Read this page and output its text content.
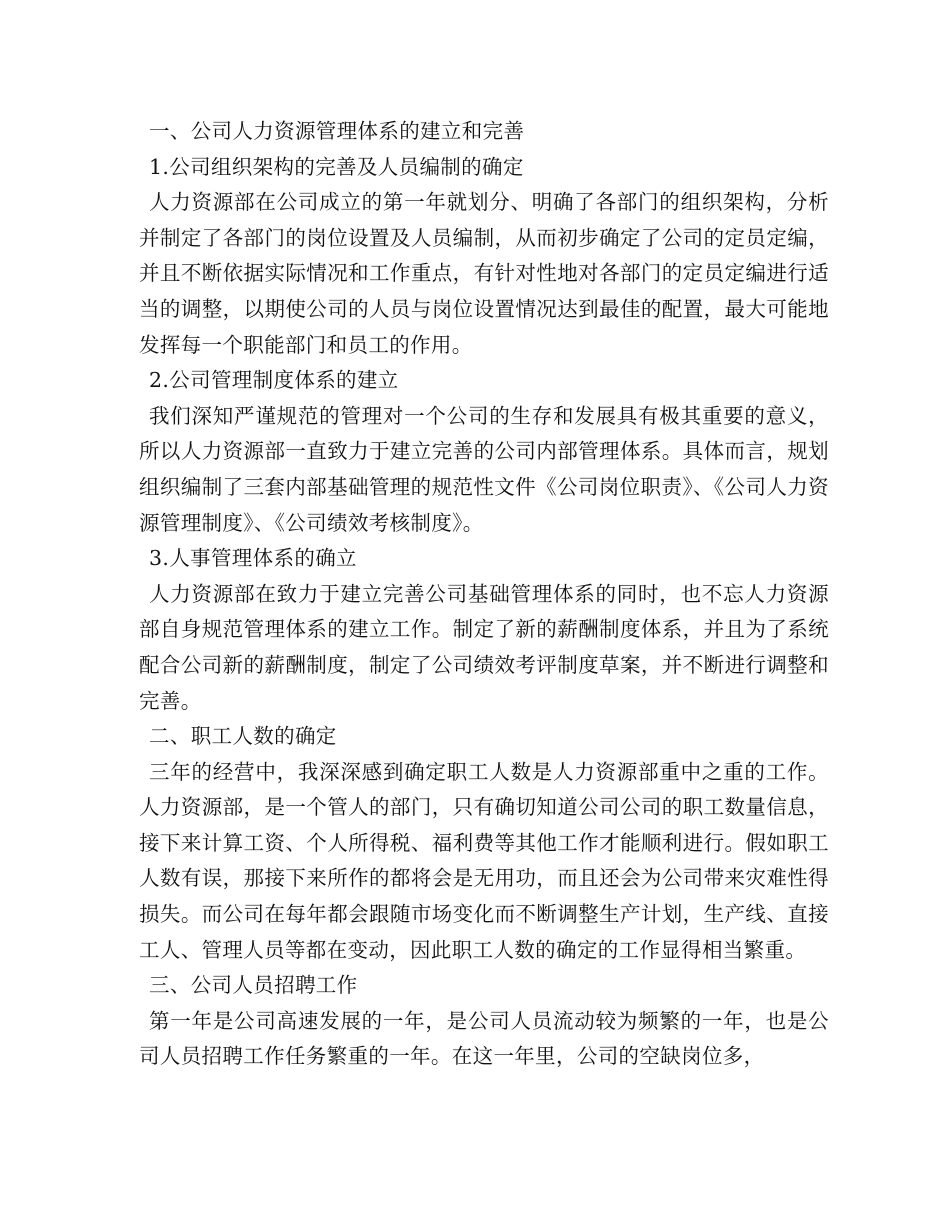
一、公司人力资源管理体系的建立和完善

1.公司组织架构的完善及人员编制的确定

人力资源部在公司成立的第一年就划分、明确了各部门的组织架构，分析并制定了各部门的岗位设置及人员编制，从而初步确定了公司的定员定编，并且不断依据实际情况和工作重点，有针对性地对各部门的定员定编进行适当的调整，以期使公司的人员与岗位设置情况达到最佳的配置，最大可能地发挥每一个职能部门和员工的作用。

2.公司管理制度体系的建立

我们深知严谨规范的管理对一个公司的生存和发展具有极其重要的意义，所以人力资源部一直致力于建立完善的公司内部管理体系。具体而言，规划组织编制了三套内部基础管理的规范性文件《公司岗位职责》、《公司人力资源管理制度》、《公司绩效考核制度》。

3.人事管理体系的确立

人力资源部在致力于建立完善公司基础管理体系的同时，也不忘人力资源部自身规范管理体系的建立工作。制定了新的薪酬制度体系，并且为了系统配合公司新的薪酬制度，制定了公司绩效考评制度草案，并不断进行调整和完善。

二、职工人数的确定

三年的经营中，我深深感到确定职工人数是人力资源部重中之重的工作。人力资源部，是一个管人的部门，只有确切知道公司公司的职工数量信息，接下来计算工资、个人所得税、福利费等其他工作才能顺利进行。假如职工人数有误，那接下来所作的都将会是无用功，而且还会为公司带来灾难性得损失。而公司在每年都会跟随市场变化而不断调整生产计划，生产线、直接工人、管理人员等都在变动，因此职工人数的确定的工作显得相当繁重。

三、公司人员招聘工作

第一年是公司高速发展的一年，是公司人员流动较为频繁的一年，也是公司人员招聘工作任务繁重的一年。在这一年里，公司的空缺岗位多，
